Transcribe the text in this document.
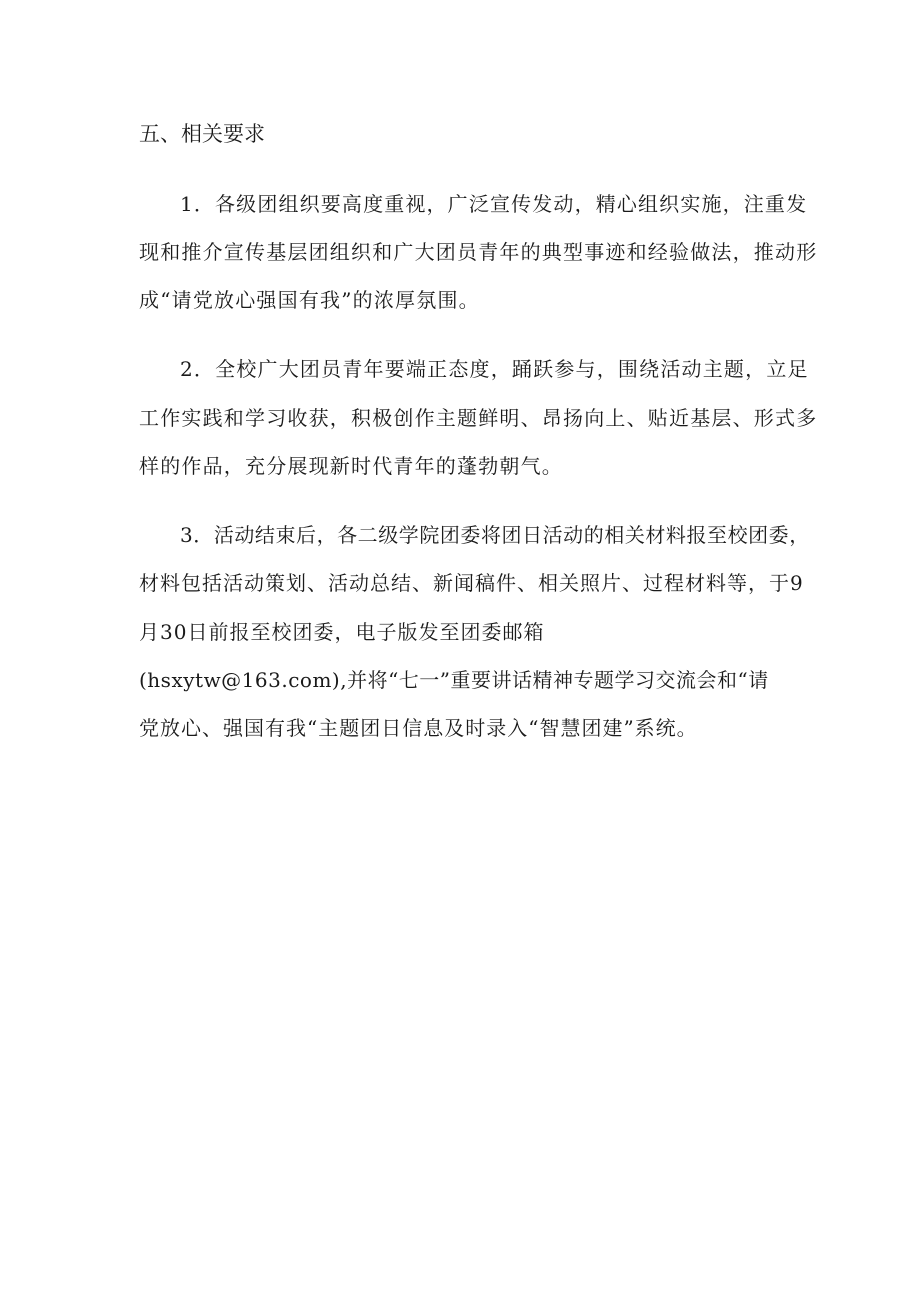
五、相关要求
1．各级团组织要高度重视，广泛宣传发动，精心组织实施，注重发
现和推介宣传基层团组织和广大团员青年的典型事迹和经验做法，推动形
成“请党放心强国有我”的浓厚氛围。
2．全校广大团员青年要端正态度，踊跃参与，围绕活动主题，立足
工作实践和学习收获，积极创作主题鲜明、昂扬向上、贴近基层、形式多
样的作品，充分展现新时代青年的蓬勃朝气。
3．活动结束后，各二级学院团委将团日活动的相关材料报至校团委，
材料包括活动策划、活动总结、新闻稿件、相关照片、过程材料等，于9
月30日前报至校团委，电子版发至团委邮箱
(hsxytw@163.com),并将“七一”重要讲话精神专题学习交流会和“请
党放心、强国有我“主题团日信息及时录入“智慧团建”系统。
